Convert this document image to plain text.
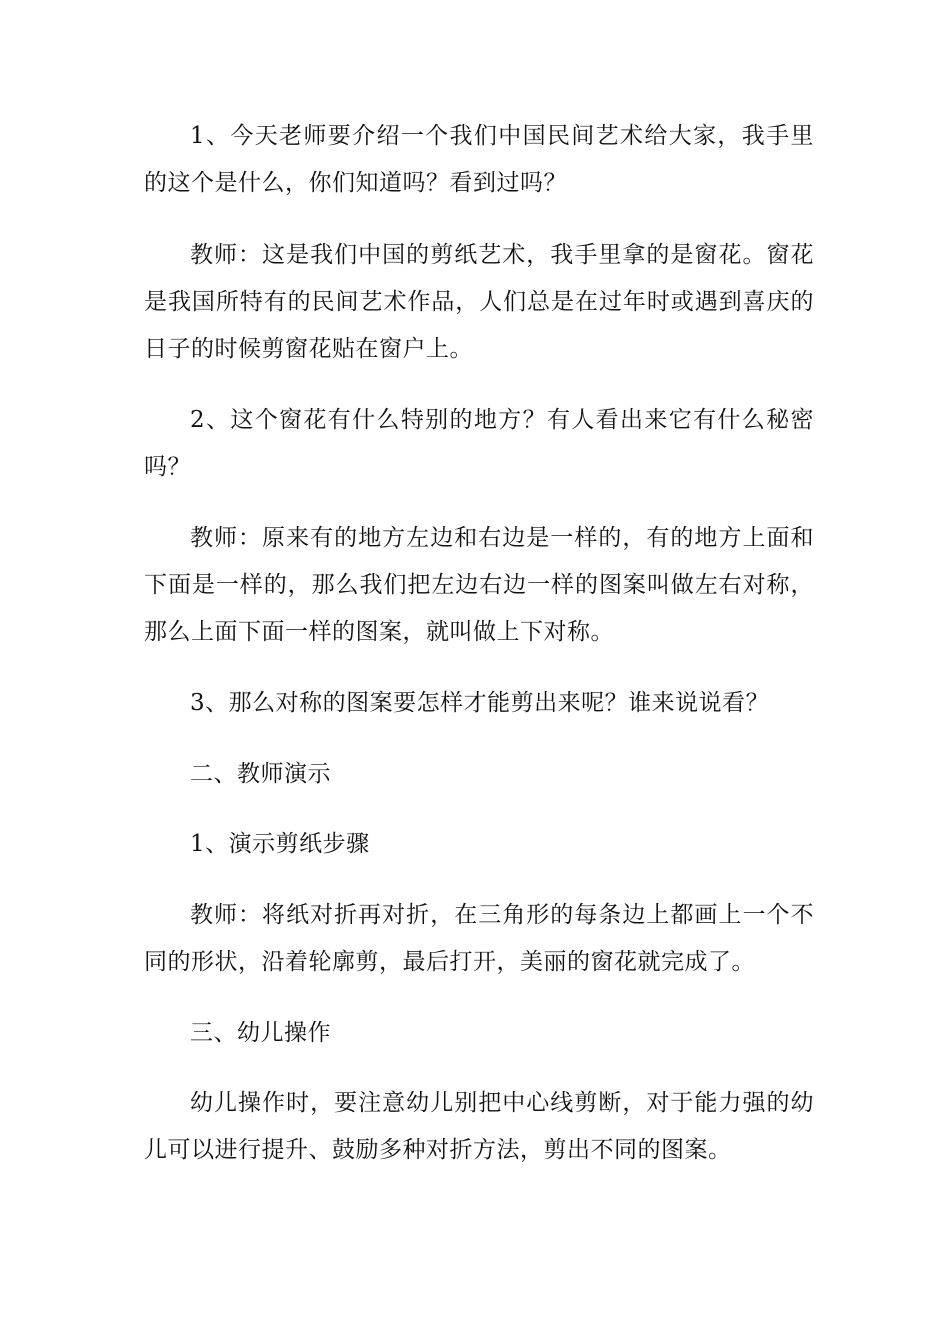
1、今天老师要介绍一个我们中国民间艺术给大家，我手里的这个是什么，你们知道吗？看到过吗？

教师：这是我们中国的剪纸艺术，我手里拿的是窗花。窗花是我国所特有的民间艺术作品，人们总是在过年时或遇到喜庆的日子的时候剪窗花贴在窗户上。

2、这个窗花有什么特别的地方？有人看出来它有什么秘密吗？

教师：原来有的地方左边和右边是一样的，有的地方上面和下面是一样的，那么我们把左边右边一样的图案叫做左右对称，那么上面下面一样的图案，就叫做上下对称。

3、那么对称的图案要怎样才能剪出来呢？谁来说说看？

二、教师演示

1、演示剪纸步骤

教师：将纸对折再对折，在三角形的每条边上都画上一个不同的形状，沿着轮廓剪，最后打开，美丽的窗花就完成了。

三、幼儿操作

幼儿操作时，要注意幼儿别把中心线剪断，对于能力强的幼儿可以进行提升、鼓励多种对折方法，剪出不同的图案。
